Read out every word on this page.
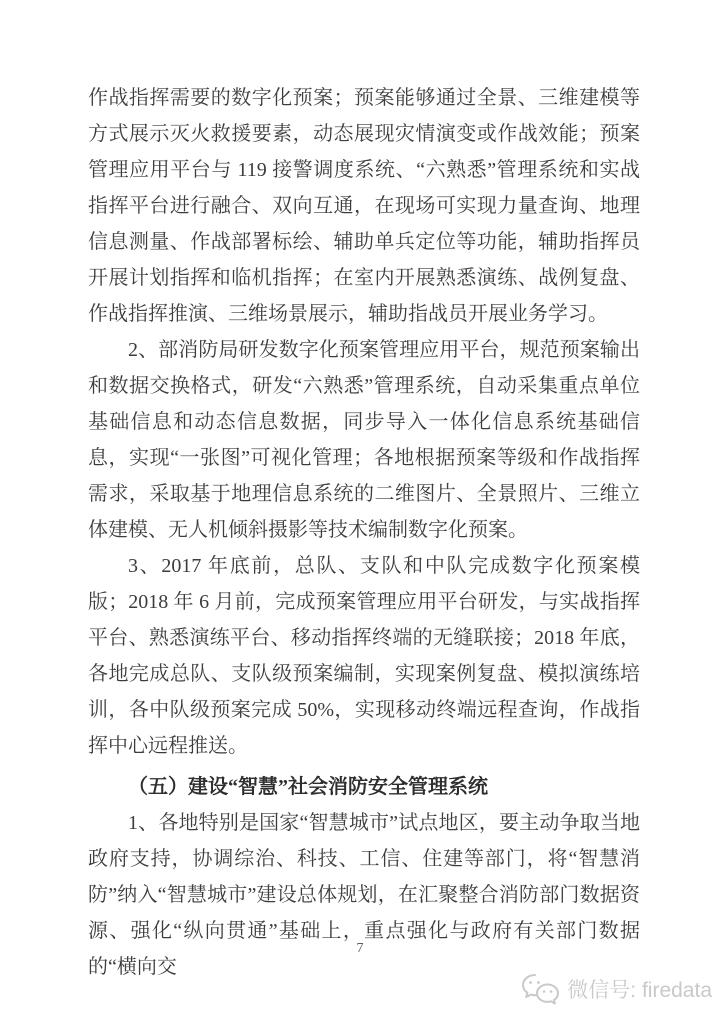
作战指挥需要的数字化预案；预案能够通过全景、三维建模等方式展示灭火救援要素，动态展现灾情演变或作战效能；预案管理应用平台与 119 接警调度系统、“六熟悉”管理系统和实战指挥平台进行融合、双向互通，在现场可实现力量查询、地理信息测量、作战部署标绘、辅助单兵定位等功能，辅助指挥员开展计划指挥和临机指挥；在室内开展熟悉演练、战例复盘、作战指挥推演、三维场景展示，辅助指战员开展业务学习。

2、部消防局研发数字化预案管理应用平台，规范预案输出和数据交换格式，研发“六熟悉”管理系统，自动采集重点单位基础信息和动态信息数据，同步导入一体化信息系统基础信息，实现“一张图”可视化管理；各地根据预案等级和作战指挥需求，采取基于地理信息系统的二维图片、全景照片、三维立体建模、无人机倾斜摄影等技术编制数字化预案。

3、2017 年底前，总队、支队和中队完成数字化预案模版；2018 年 6 月前，完成预案管理应用平台研发，与实战指挥平台、熟悉演练平台、移动指挥终端的无缝联接；2018 年底，各地完成总队、支队级预案编制，实现案例复盘、模拟演练培训，各中队级预案完成 50%，实现移动终端远程查询，作战指挥中心远程推送。

（五）建设“智慧”社会消防安全管理系统

1、各地特别是国家“智慧城市”试点地区，要主动争取当地政府支持，协调综治、科技、工信、住建等部门，将“智慧消防”纳入“智慧城市”建设总体规划，在汇聚整合消防部门数据资源、强化“纵向贯通”基础上，重点强化与政府有关部门数据的“横向交

7
微信号: firedata
